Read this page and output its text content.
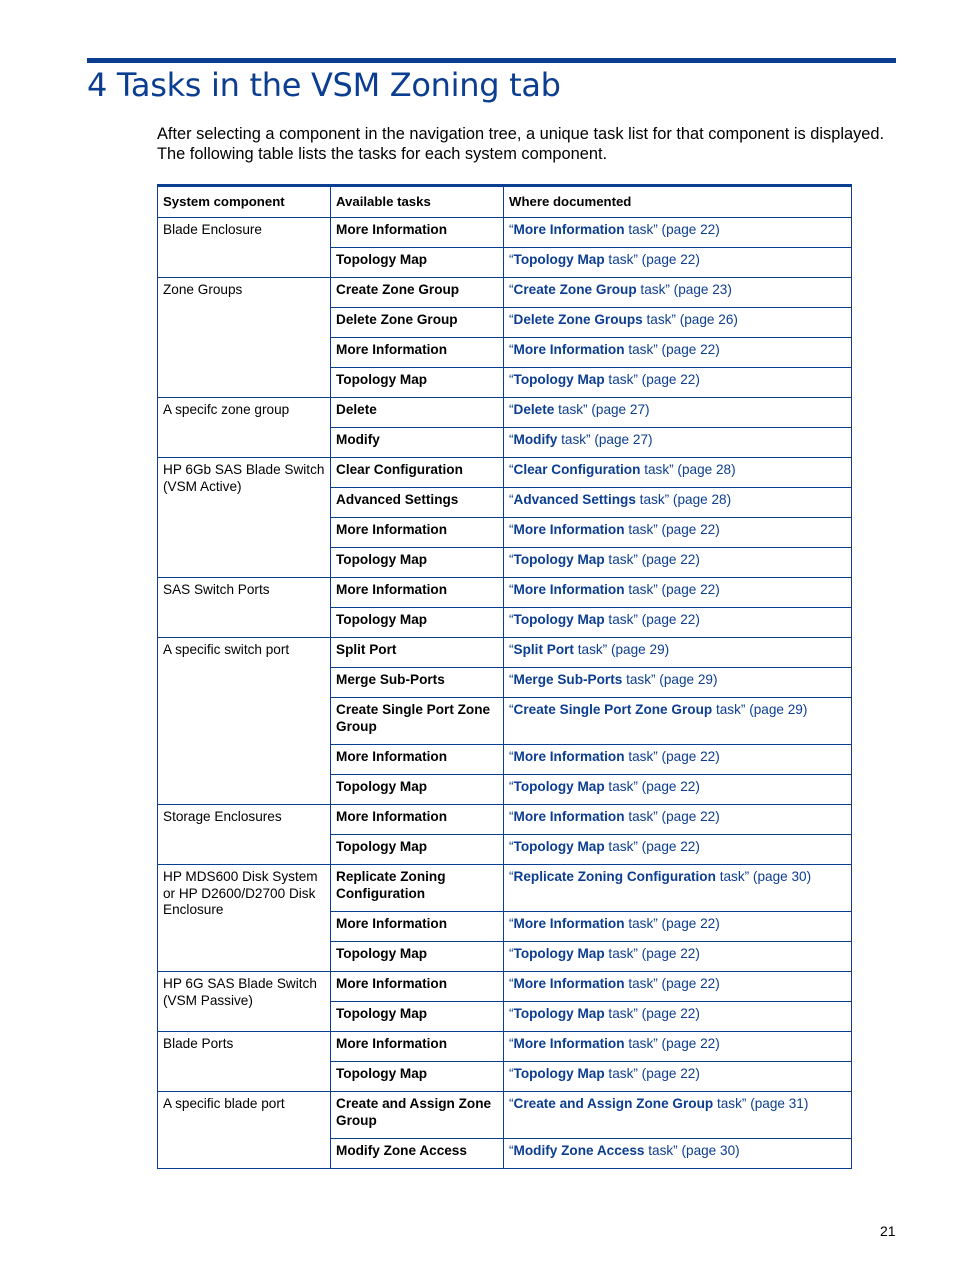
4 Tasks in the VSM Zoning tab

After selecting a component in the navigation tree, a unique task list for that component is displayed. The following table lists the tasks for each system component.

System component	Available tasks	Where documented
Blade Enclosure	More Information	“More Information task” (page 22)
	Topology Map	“Topology Map task” (page 22)
Zone Groups	Create Zone Group	“Create Zone Group task” (page 23)
	Delete Zone Group	“Delete Zone Groups task” (page 26)
	More Information	“More Information task” (page 22)
	Topology Map	“Topology Map task” (page 22)
A specifc zone group	Delete	“Delete task” (page 27)
	Modify	“Modify task” (page 27)
HP 6Gb SAS Blade Switch (VSM Active)	Clear Configuration	“Clear Configuration task” (page 28)
	Advanced Settings	“Advanced Settings task” (page 28)
	More Information	“More Information task” (page 22)
	Topology Map	“Topology Map task” (page 22)
SAS Switch Ports	More Information	“More Information task” (page 22)
	Topology Map	“Topology Map task” (page 22)
A specific switch port	Split Port	“Split Port task” (page 29)
	Merge Sub-Ports	“Merge Sub-Ports task” (page 29)
	Create Single Port Zone Group	“Create Single Port Zone Group task” (page 29)
	More Information	“More Information task” (page 22)
	Topology Map	“Topology Map task” (page 22)
Storage Enclosures	More Information	“More Information task” (page 22)
	Topology Map	“Topology Map task” (page 22)
HP MDS600 Disk System or HP D2600/D2700 Disk Enclosure	Replicate Zoning Configuration	“Replicate Zoning Configuration task” (page 30)
	More Information	“More Information task” (page 22)
	Topology Map	“Topology Map task” (page 22)
HP 6G SAS Blade Switch (VSM Passive)	More Information	“More Information task” (page 22)
	Topology Map	“Topology Map task” (page 22)
Blade Ports	More Information	“More Information task” (page 22)
	Topology Map	“Topology Map task” (page 22)
A specific blade port	Create and Assign Zone Group	“Create and Assign Zone Group task” (page 31)
	Modify Zone Access	“Modify Zone Access task” (page 30)
21
